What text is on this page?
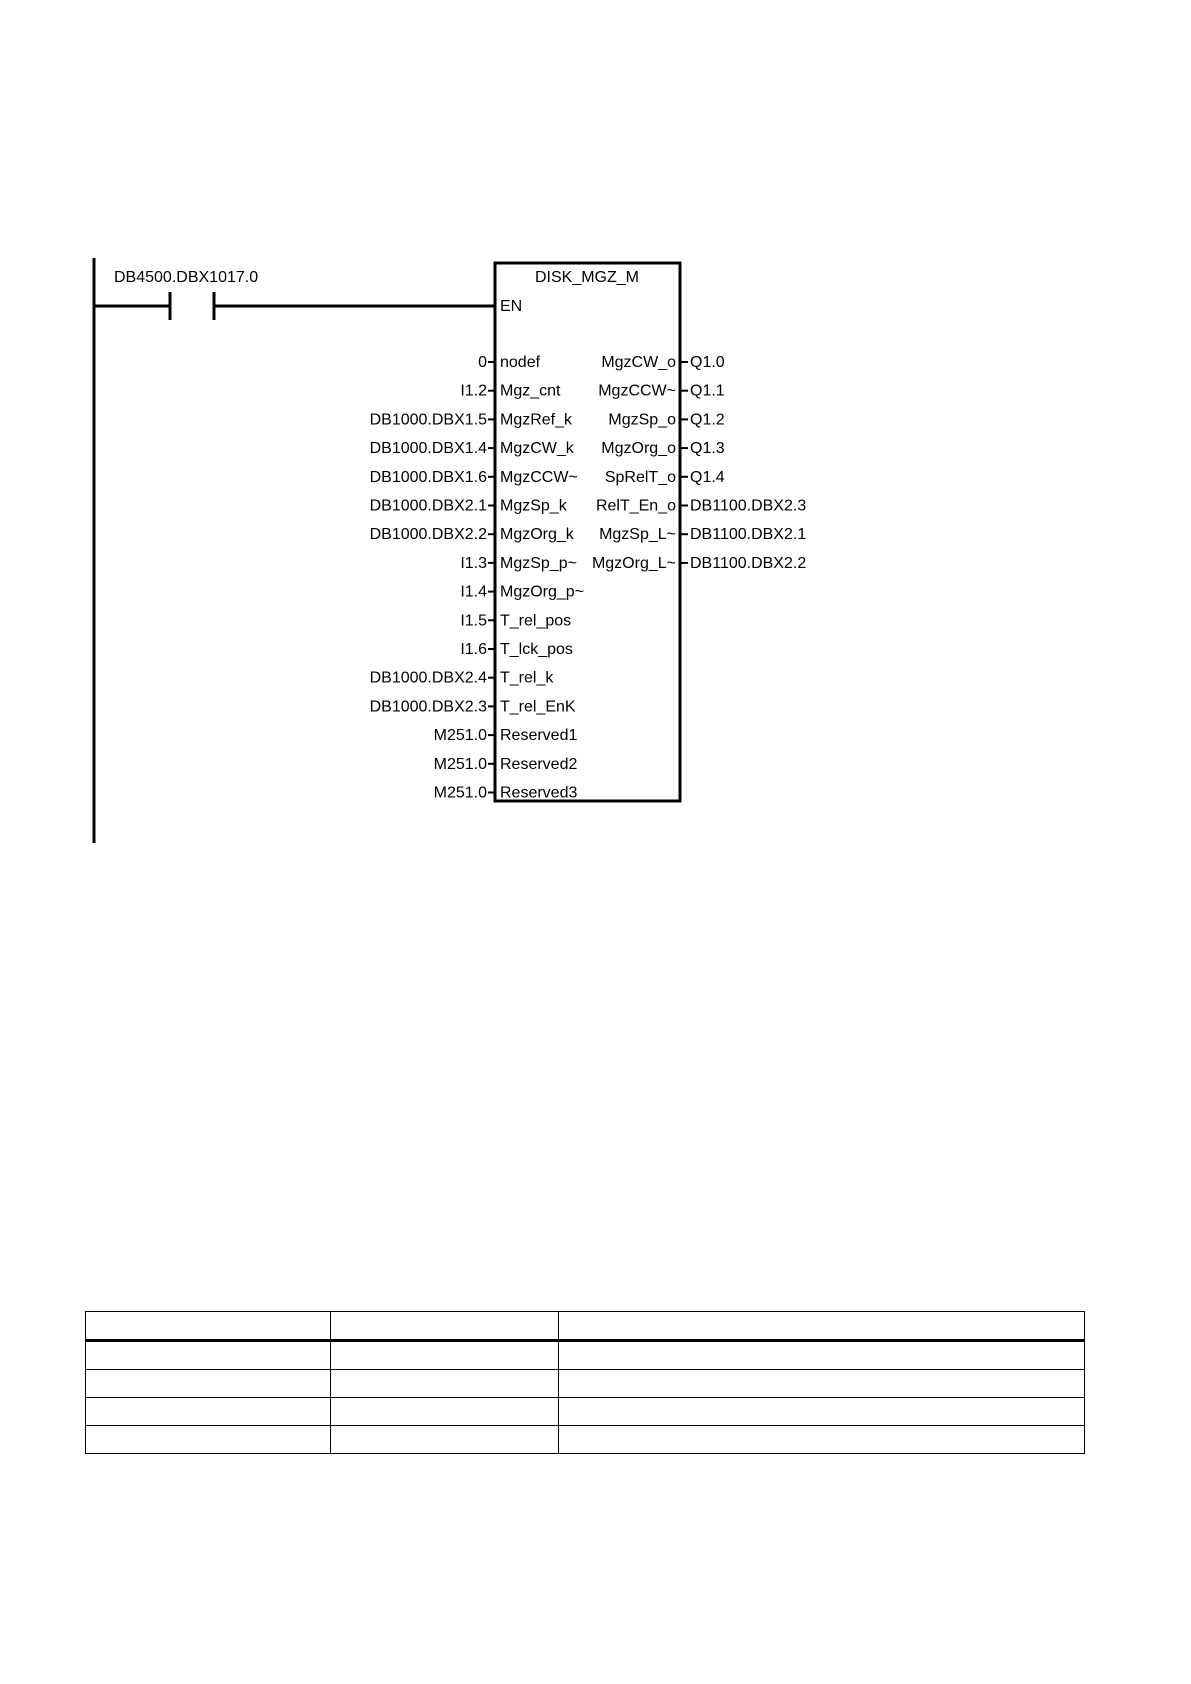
DB4500.DBX1017.0	DISK_MGZ_M
EN
0 nodef
I1.2 Mgz_cnt
DB1000.DBX1.5 MgzRef_k
DB1000.DBX1.4 MgzCW_k
DB1000.DBX1.6 MgzCCW~
DB1000.DBX2.1 MgzSp_k
DB1000.DBX2.2 MgzOrg_k
I1.3 MgzSp_p~
I1.4 MgzOrg_p~
I1.5 T_rel_pos
I1.6 T_lck_pos
DB1000.DBX2.4 T_rel_k
DB1000.DBX2.3 T_rel_EnK
M251.0 Reserved1
M251.0 Reserved2
M251.0 Reserved3
MgzCW_o Q1.0
MgzCCW~ Q1.1
MgzSp_o Q1.2
MgzOrg_o Q1.3
SpRelT_o Q1.4
RelT_En_o DB1100.DBX2.3
MgzSp_L~ DB1100.DBX2.1
MgzOrg_L~ DB1100.DBX2.2
